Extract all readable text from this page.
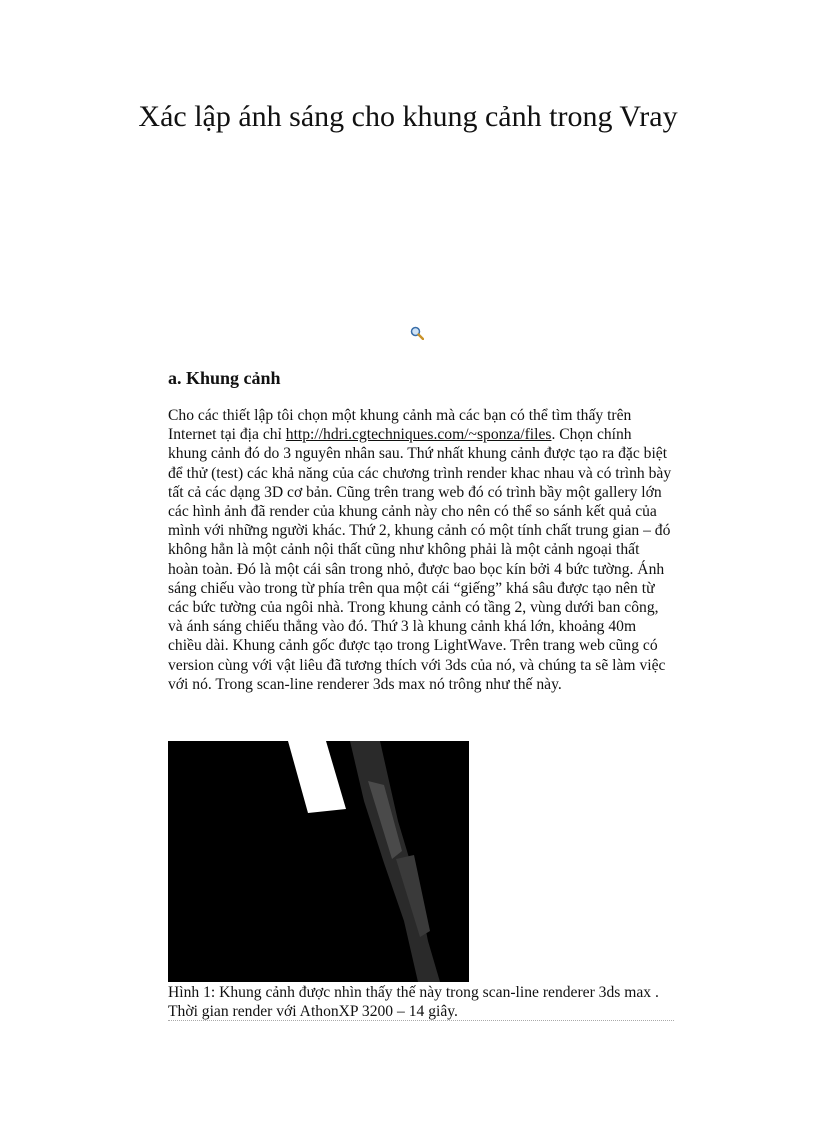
Xác lập ánh sáng cho khung cảnh trong Vray
a. Khung cảnh

Cho các thiết lập tôi chọn một khung cảnh mà các bạn có thể tìm thấy trên Internet tại địa chỉ http://hdri.cgtechniques.com/~sponza/files. Chọn chính khung cảnh đó do 3 nguyên nhân sau. Thứ nhất khung cảnh được tạo ra đặc biệt để thử (test) các khả năng của các chương trình render khac nhau và có trình bày tất cả các dạng 3D cơ bản. Cũng trên trang web đó có trình bầy một gallery lớn các hình ảnh đã render của khung cảnh này cho nên có thể so sánh kết quả của mình với những người khác. Thứ 2, khung cảnh có một tính chất trung gian – đó không hẳn là một cảnh nội thất cũng như không phải là một cảnh ngoại thất hoàn toàn. Đó là một cái sân trong nhỏ, được bao bọc kín bởi 4 bức tường. Ánh sáng chiếu vào trong từ phía trên qua một cái “giếng” khá sâu được tạo nên từ các bức tường của ngôi nhà. Trong khung cảnh có tầng 2, vùng dưới ban công, và ánh sáng chiếu thẳng vào đó. Thứ 3 là khung cảnh khá lớn, khoảng 40m chiều dài. Khung cảnh gốc được tạo trong LightWave. Trên trang web cũng có version cùng với vật liêu đã tương thích với 3ds của nó, và chúng ta sẽ làm việc với nó. Trong scan-line renderer 3ds max nó trông như thế này.

Hình 1: Khung cảnh được nhìn thấy thế này trong scan-line renderer 3ds max . Thời gian render với AthonXP 3200 – 14 giây.
